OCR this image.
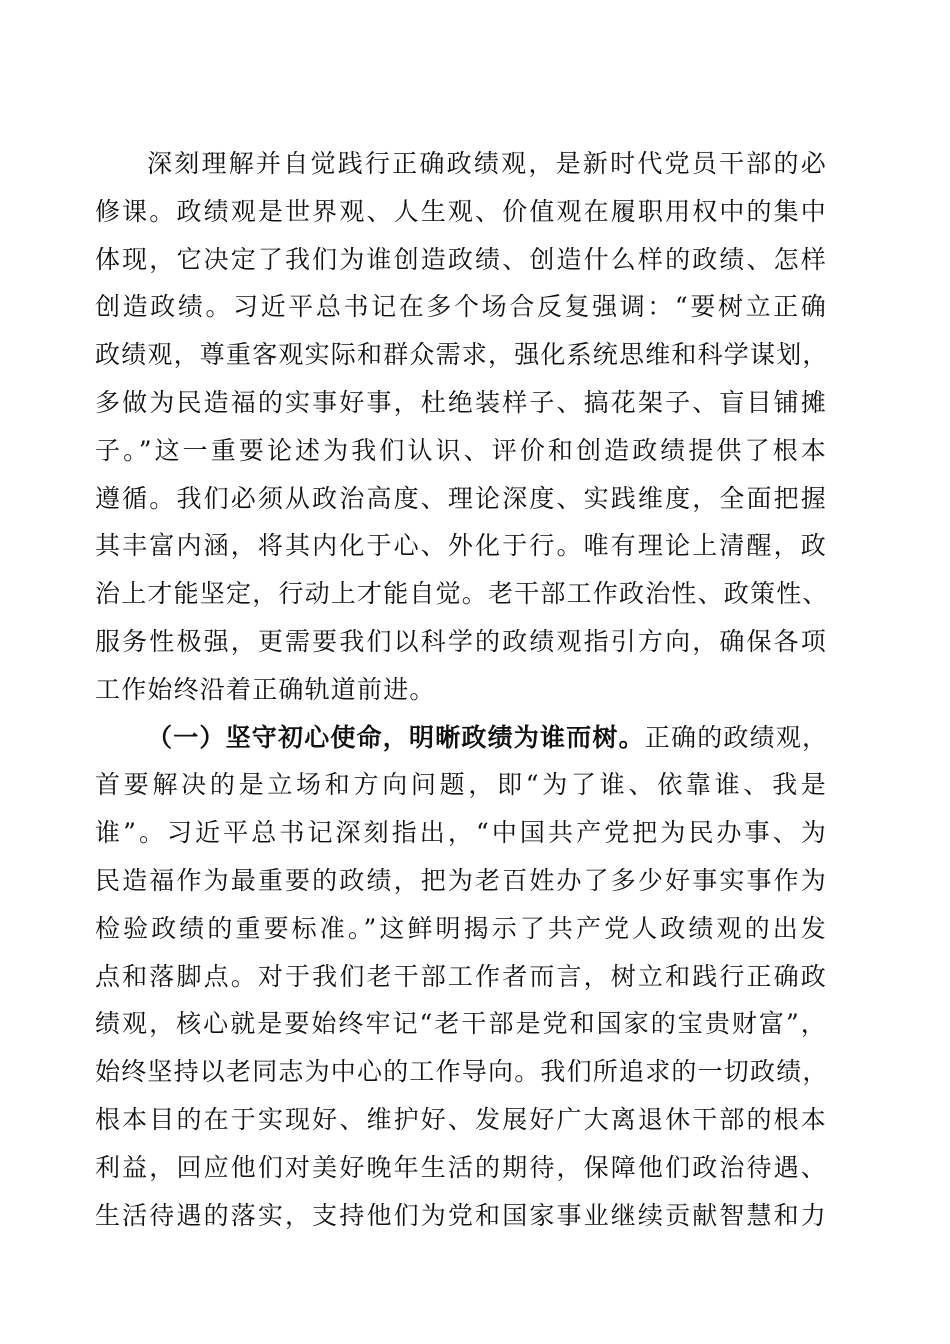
深刻理解并自觉践行正确政绩观，是新时代党员干部的必
修课。政绩观是世界观、人生观、价值观在履职用权中的集中
体现，它决定了我们为谁创造政绩、创造什么样的政绩、怎样
创造政绩。习近平总书记在多个场合反复强调：“要树立正确
政绩观，尊重客观实际和群众需求，强化系统思维和科学谋划，
多做为民造福的实事好事，杜绝装样子、搞花架子、盲目铺摊
子。”这一重要论述为我们认识、评价和创造政绩提供了根本
遵循。我们必须从政治高度、理论深度、实践维度，全面把握
其丰富内涵，将其内化于心、外化于行。唯有理论上清醒，政
治上才能坚定，行动上才能自觉。老干部工作政治性、政策性、
服务性极强，更需要我们以科学的政绩观指引方向，确保各项
工作始终沿着正确轨道前进。
（一）坚守初心使命，明晰政绩为谁而树。正确的政绩观，
首要解决的是立场和方向问题，即“为了谁、依靠谁、我是
谁”。习近平总书记深刻指出，“中国共产党把为民办事、为
民造福作为最重要的政绩，把为老百姓办了多少好事实事作为
检验政绩的重要标准。”这鲜明揭示了共产党人政绩观的出发
点和落脚点。对于我们老干部工作者而言，树立和践行正确政
绩观，核心就是要始终牢记“老干部是党和国家的宝贵财富”，
始终坚持以老同志为中心的工作导向。我们所追求的一切政绩，
根本目的在于实现好、维护好、发展好广大离退休干部的根本
利益，回应他们对美好晚年生活的期待，保障他们政治待遇、
生活待遇的落实，支持他们为党和国家事业继续贡献智慧和力
